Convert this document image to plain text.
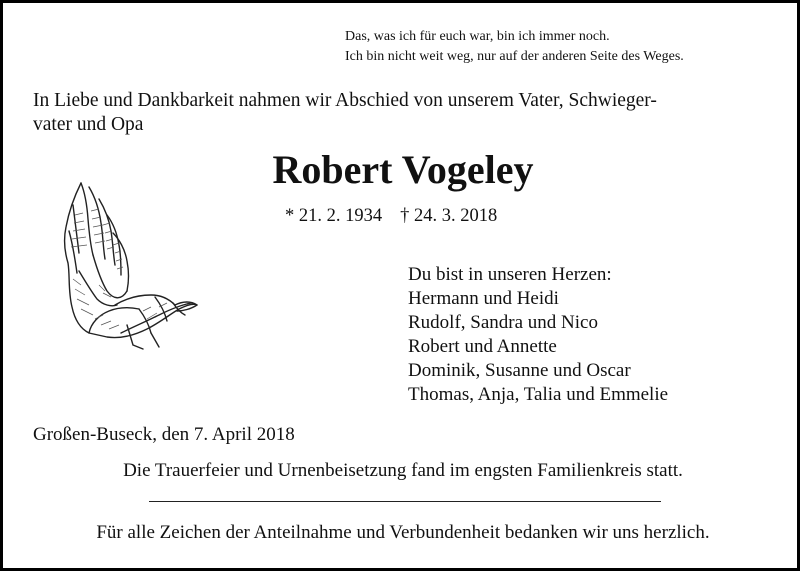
Das, was ich für euch war, bin ich immer noch.
Ich bin nicht weit weg, nur auf der anderen Seite des Weges.
In Liebe und Dankbarkeit nahmen wir Abschied von unserem Vater, Schwieger-
vater und Opa
Robert Vogeley
* 21. 2. 1934 † 24. 3. 2018
Du bist in unseren Herzen:
Hermann und Heidi
Rudolf, Sandra und Nico
Robert und Annette
Dominik, Susanne und Oscar
Thomas, Anja, Talia und Emmelie
Großen-Buseck, den 7. April 2018
Die Trauerfeier und Urnenbeisetzung fand im engsten Familienkreis statt.
Für alle Zeichen der Anteilnahme und Verbundenheit bedanken wir uns herzlich.
